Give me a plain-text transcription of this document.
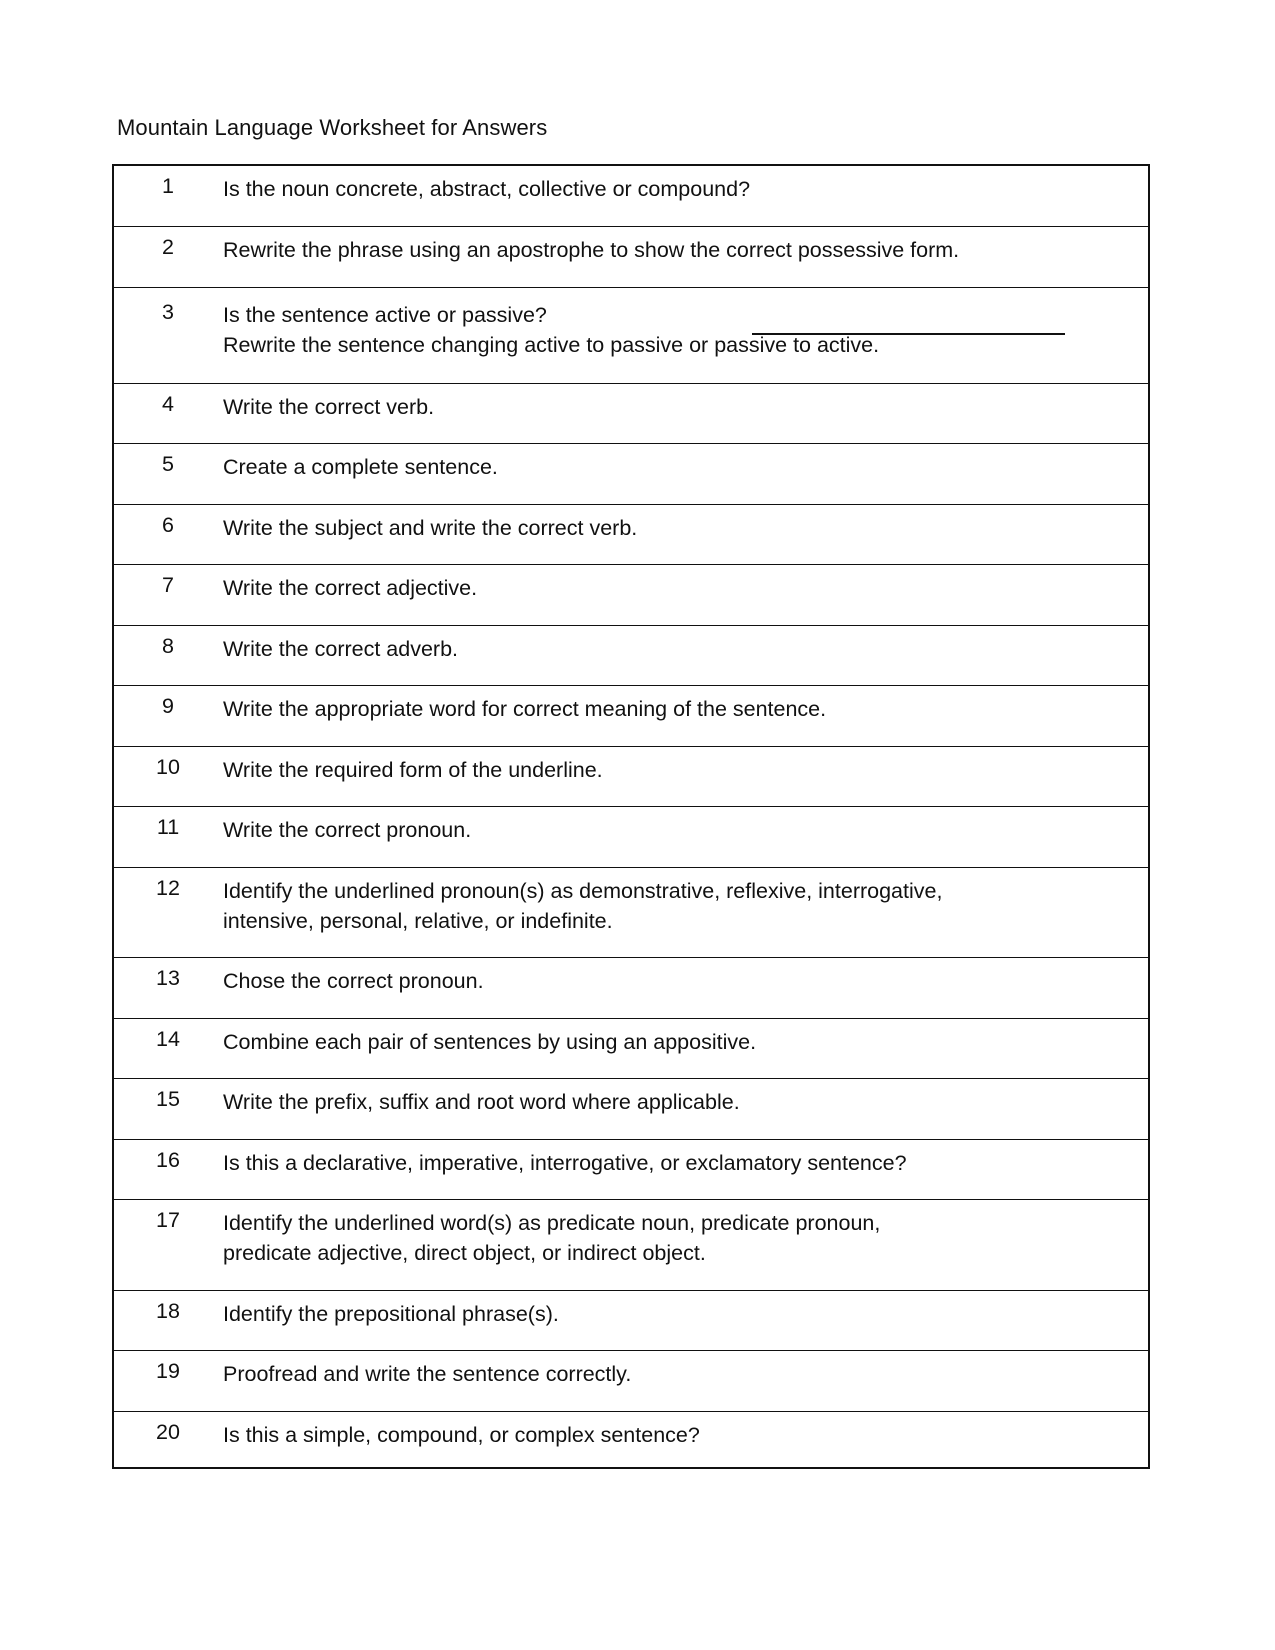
Mountain Language Worksheet for Answers
1	Is the noun concrete, abstract, collective or compound?
2	Rewrite the phrase using an apostrophe to show the correct possessive form.
3	Is the sentence active or passive?
Rewrite the sentence changing active to passive or passive to active.
4	Write the correct verb.
5	Create a complete sentence.
6	Write the subject and write the correct verb.
7	Write the correct adjective.
8	Write the correct adverb.
9	Write the appropriate word for correct meaning of the sentence.
10	Write the required form of the underline.
11	Write the correct pronoun.
12	Identify the underlined pronoun(s) as demonstrative, reflexive, interrogative,
intensive, personal, relative, or indefinite.
13	Chose the correct pronoun.
14	Combine each pair of sentences by using an appositive.
15	Write the prefix, suffix and root word where applicable.
16	Is this a declarative, imperative, interrogative, or exclamatory sentence?
17	Identify the underlined word(s) as predicate noun, predicate pronoun,
predicate adjective, direct object, or indirect object.
18	Identify the prepositional phrase(s).
19	Proofread and write the sentence correctly.
20	Is this a simple, compound, or complex sentence?
